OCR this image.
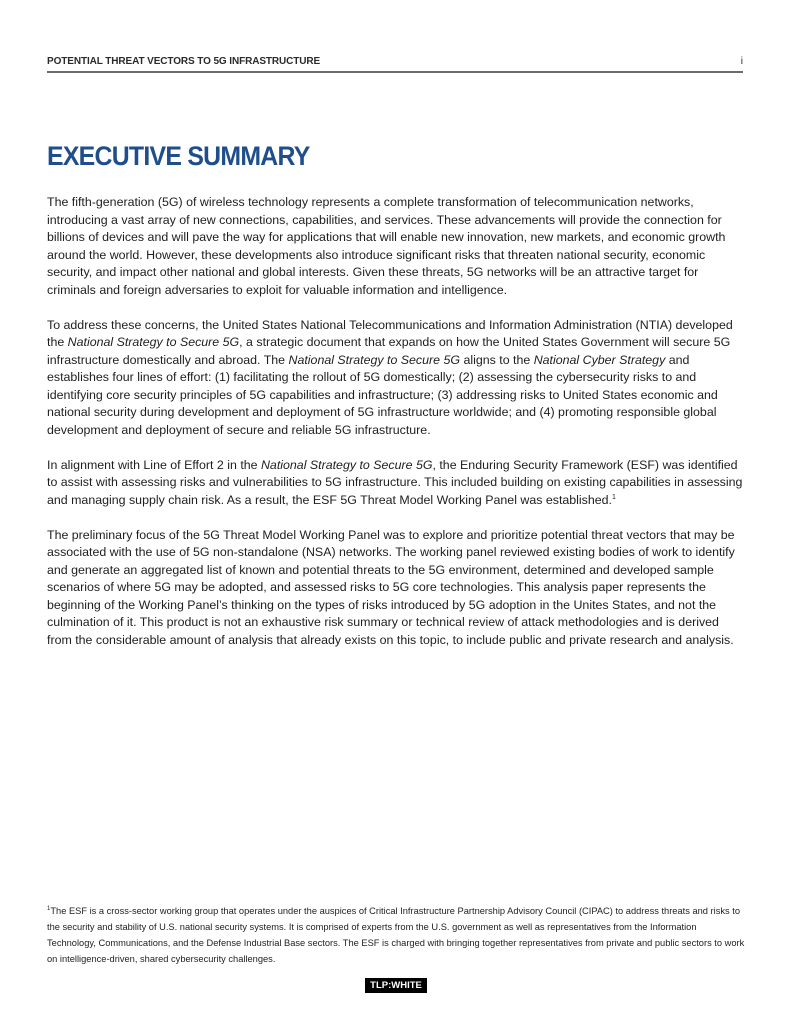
POTENTIAL THREAT VECTORS TO 5G INFRASTRUCTURE	i
EXECUTIVE SUMMARY

The fifth-generation (5G) of wireless technology represents a complete transformation of telecommunication networks, introducing a vast array of new connections, capabilities, and services. These advancements will provide the connection for billions of devices and will pave the way for applications that will enable new innovation, new markets, and economic growth around the world. However, these developments also introduce significant risks that threaten national security, economic security, and impact other national and global interests. Given these threats, 5G networks will be an attractive target for criminals and foreign adversaries to exploit for valuable information and intelligence.

To address these concerns, the United States National Telecommunications and Information Administration (NTIA) developed the National Strategy to Secure 5G, a strategic document that expands on how the United States Government will secure 5G infrastructure domestically and abroad. The National Strategy to Secure 5G aligns to the National Cyber Strategy and establishes four lines of effort: (1) facilitating the rollout of 5G domestically; (2) assessing the cybersecurity risks to and identifying core security principles of 5G capabilities and infrastructure; (3) addressing risks to United States economic and national security during development and deployment of 5G infrastructure worldwide; and (4) promoting responsible global development and deployment of secure and reliable 5G infrastructure.

In alignment with Line of Effort 2 in the National Strategy to Secure 5G, the Enduring Security Framework (ESF) was identified to assist with assessing risks and vulnerabilities to 5G infrastructure. This included building on existing capabilities in assessing and managing supply chain risk. As a result, the ESF 5G Threat Model Working Panel was established.$^1$

The preliminary focus of the 5G Threat Model Working Panel was to explore and prioritize potential threat vectors that may be associated with the use of 5G non-standalone (NSA) networks. The working panel reviewed existing bodies of work to identify and generate an aggregated list of known and potential threats to the 5G environment, determined and developed sample scenarios of where 5G may be adopted, and assessed risks to 5G core technologies. This analysis paper represents the beginning of the Working Panel’s thinking on the types of risks introduced by 5G adoption in the Unites States, and not the culmination of it. This product is not an exhaustive risk summary or technical review of attack methodologies and is derived from the considerable amount of analysis that already exists on this topic, to include public and private research and analysis.

$^1$The ESF is a cross-sector working group that operates under the auspices of Critical Infrastructure Partnership Advisory Council (CIPAC) to address threats and risks to the security and stability of U.S. national security systems. It is comprised of experts from the U.S. government as well as representatives from the Information Technology, Communications, and the Defense Industrial Base sectors. The ESF is charged with bringing together representatives from private and public sectors to work on intelligence-driven, shared cybersecurity challenges.
TLP:WHITE
